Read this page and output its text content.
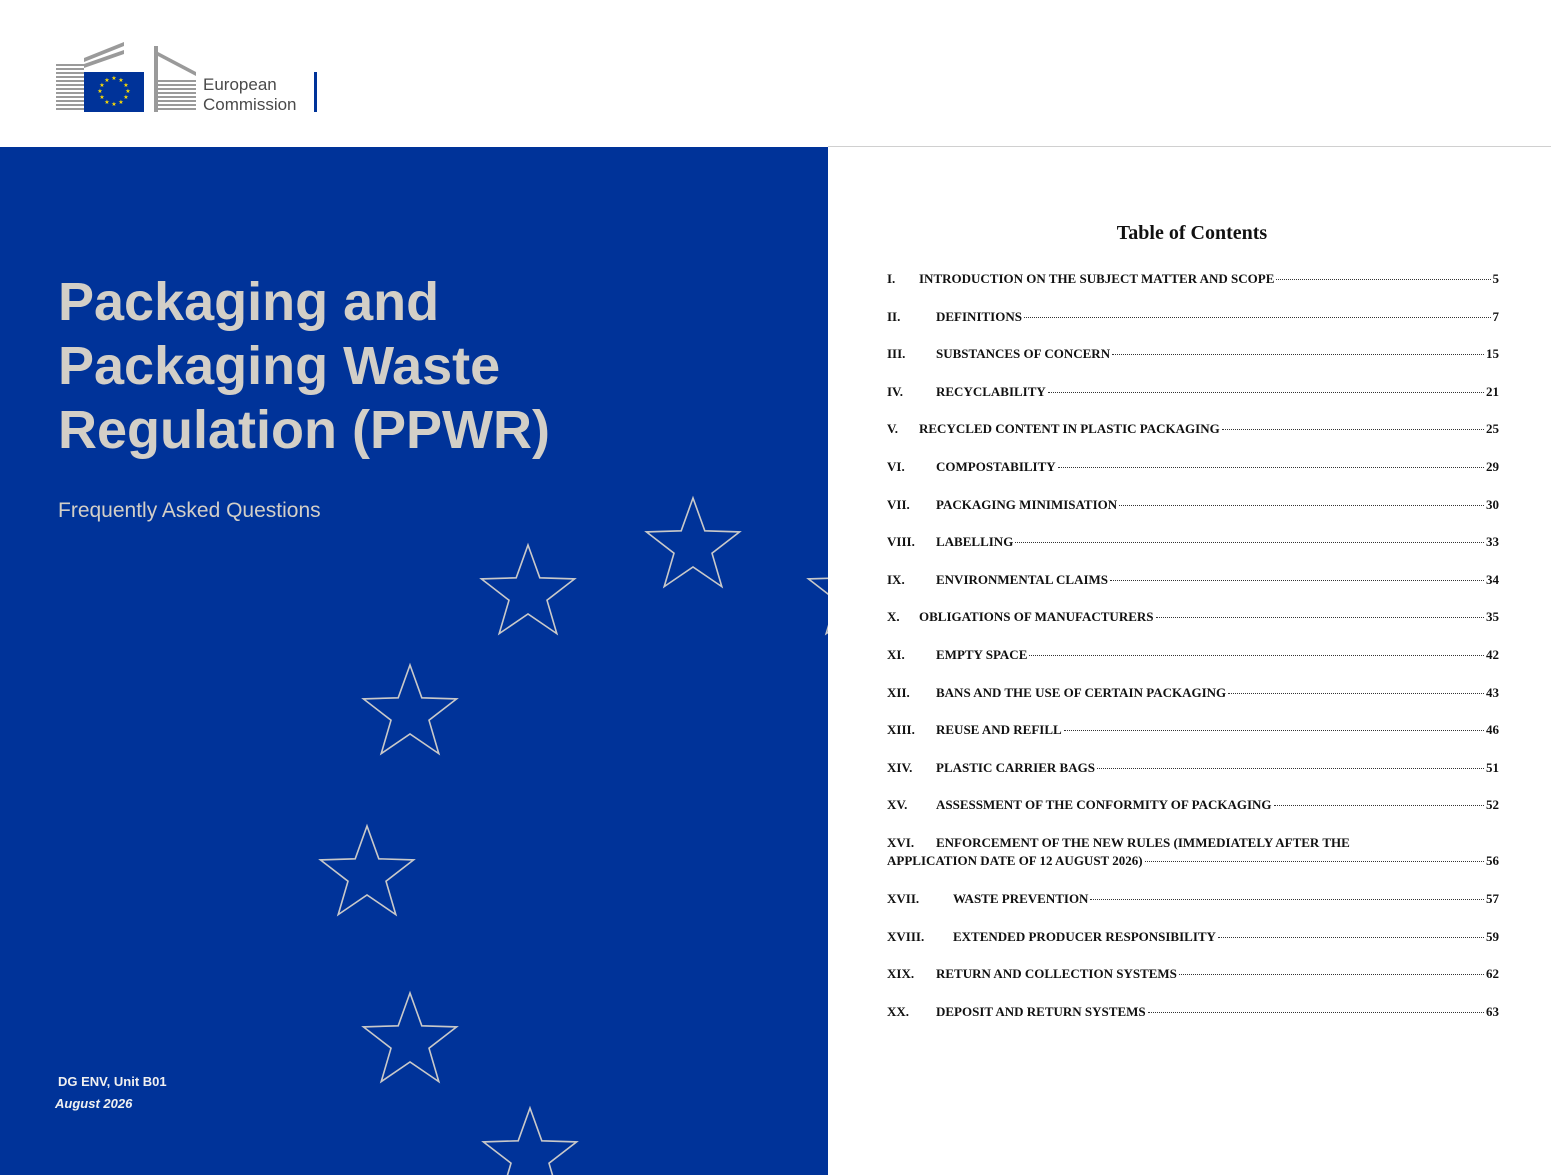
★ ★
★
★
★
★
★
★
★
★
★
★	European
Commission
Packaging and
Packaging Waste
Regulation (PPWR)
Frequently Asked Questions
DG ENV, Unit B01
August 2026
Table of Contents
I.	INTRODUCTION ON THE SUBJECT MATTER AND SCOPE	5
II.	DEFINITIONS	7
III.	SUBSTANCES OF CONCERN	15
IV.	RECYCLABILITY	21
V.	RECYCLED CONTENT IN PLASTIC PACKAGING	25
VI.	COMPOSTABILITY	29
VII.	PACKAGING MINIMISATION	30
VIII.	LABELLING	33
IX.	ENVIRONMENTAL CLAIMS	34
X.	OBLIGATIONS OF MANUFACTURERS	35
XI.	EMPTY SPACE	42
XII.	BANS AND THE USE OF CERTAIN PACKAGING	43
XIII.	REUSE AND REFILL	46
XIV.	PLASTIC CARRIER BAGS	51
XV.	ASSESSMENT OF THE CONFORMITY OF PACKAGING	52
XVI.	ENFORCEMENT OF THE NEW RULES (IMMEDIATELY AFTER THE
APPLICATION DATE OF 12 AUGUST 2026)	56
XVII.	WASTE PREVENTION	57
XVIII.	EXTENDED PRODUCER RESPONSIBILITY	59
XIX.	RETURN AND COLLECTION SYSTEMS	62
XX.	DEPOSIT AND RETURN SYSTEMS	63
